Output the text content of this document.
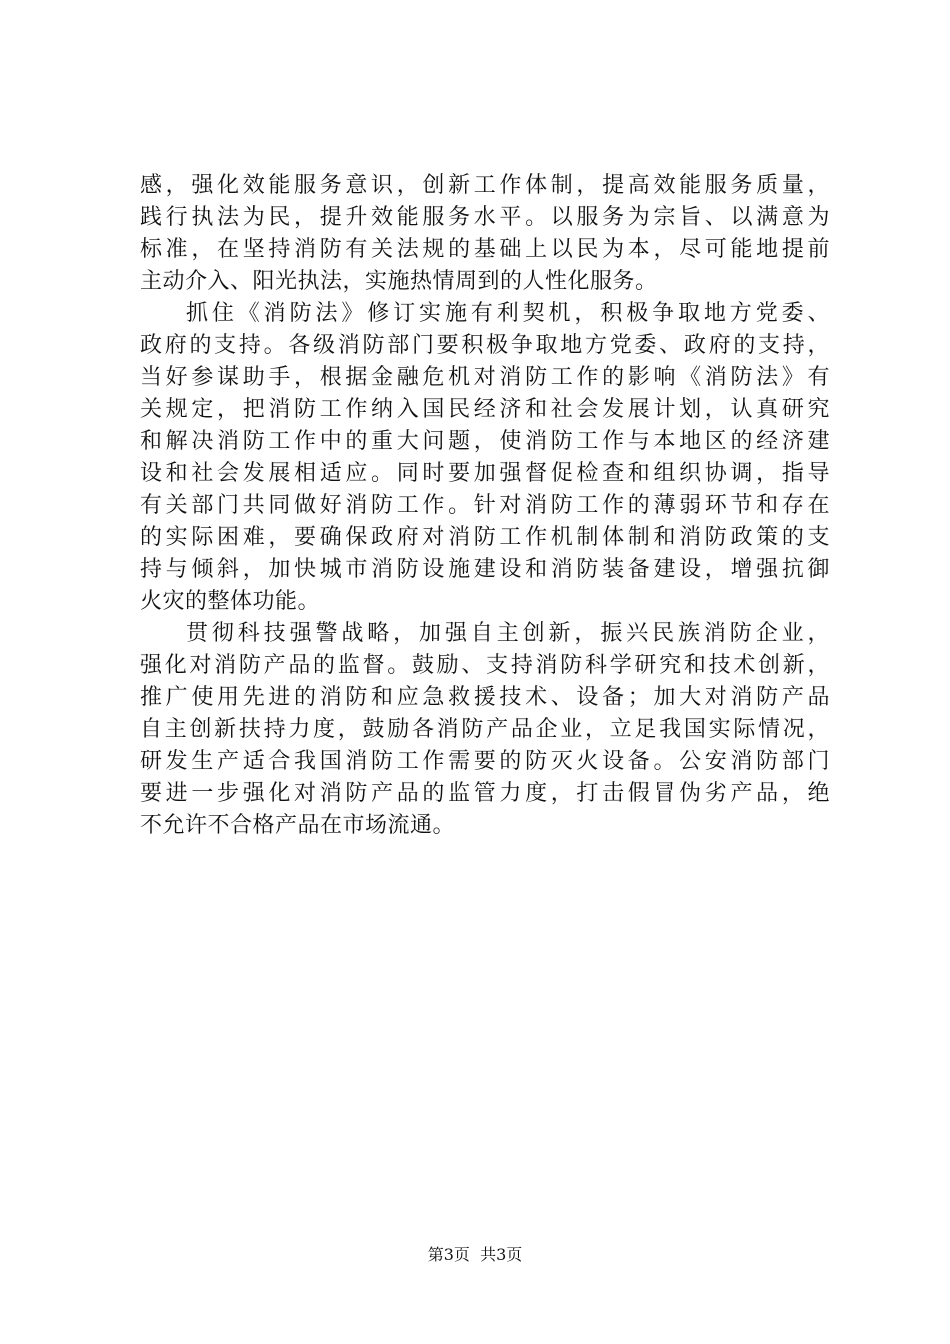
感，强化效能服务意识，创新工作体制，提高效能服务质量，
践行执法为民，提升效能服务水平。以服务为宗旨、以满意为
标准，在坚持消防有关法规的基础上以民为本，尽可能地提前
主动介入、阳光执法，实施热情周到的人性化服务。
抓住《消防法》修订实施有利契机，积极争取地方党委、
政府的支持。各级消防部门要积极争取地方党委、政府的支持，
当好参谋助手，根据金融危机对消防工作的影响《消防法》有
关规定，把消防工作纳入国民经济和社会发展计划，认真研究
和解决消防工作中的重大问题，使消防工作与本地区的经济建
设和社会发展相适应。同时要加强督促检查和组织协调，指导
有关部门共同做好消防工作。针对消防工作的薄弱环节和存在
的实际困难，要确保政府对消防工作机制体制和消防政策的支
持与倾斜，加快城市消防设施建设和消防装备建设，增强抗御
火灾的整体功能。
贯彻科技强警战略，加强自主创新，振兴民族消防企业，
强化对消防产品的监督。鼓励、支持消防科学研究和技术创新，
推广使用先进的消防和应急救援技术、设备；加大对消防产品
自主创新扶持力度，鼓励各消防产品企业，立足我国实际情况，
研发生产适合我国消防工作需要的防灭火设备。公安消防部门
要进一步强化对消防产品的监管力度，打击假冒伪劣产品，绝
不允许不合格产品在市场流通。
第3页  共3页
